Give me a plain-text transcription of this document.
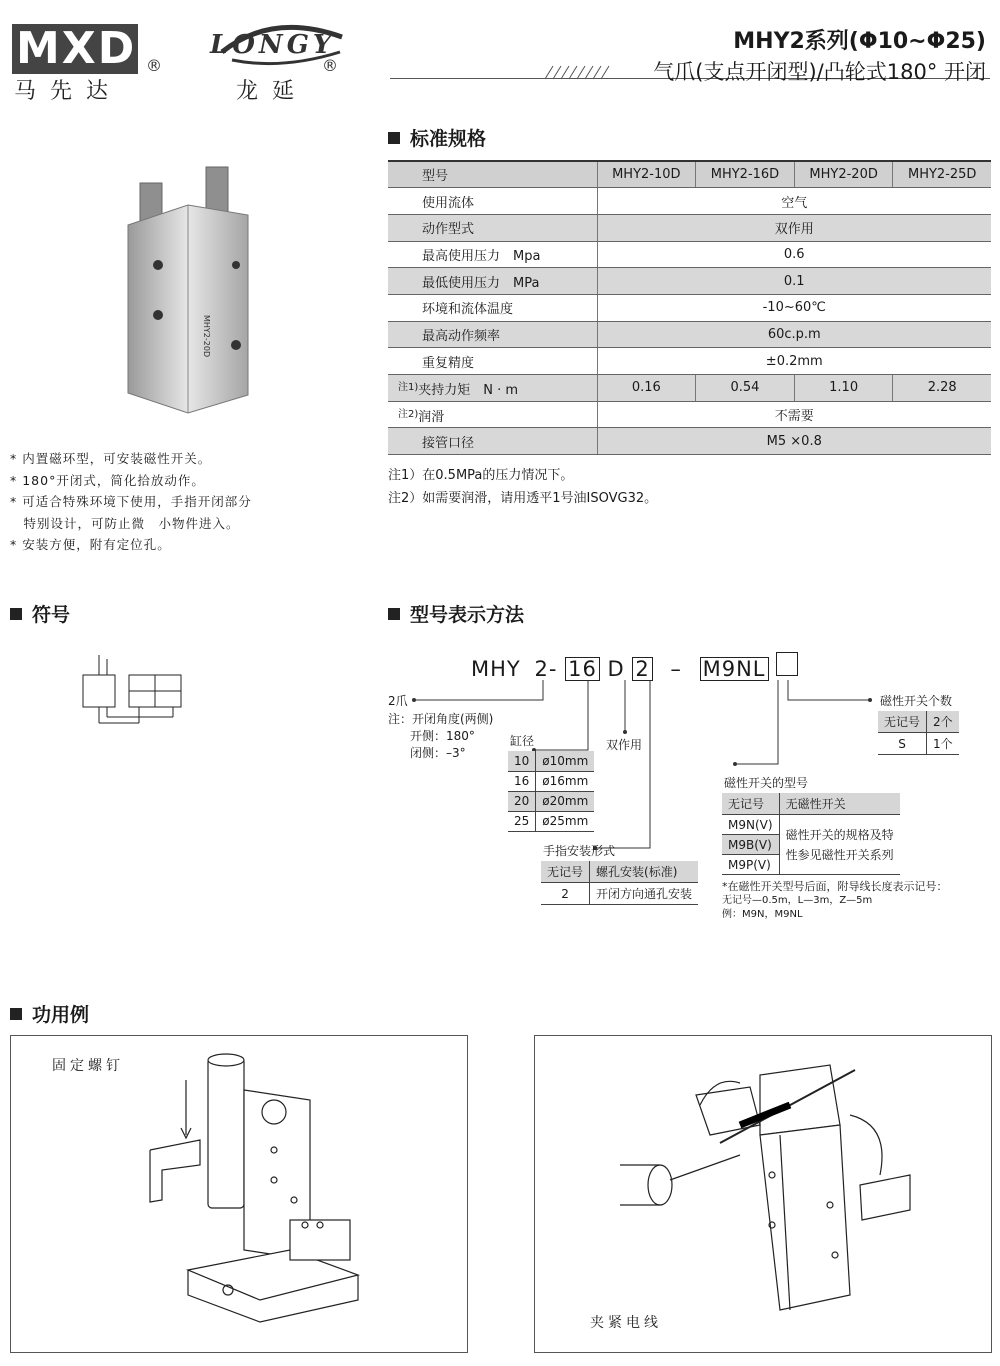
MXD
马先达
®
LONGY
®
龙延
MHY2系列(Φ10~Φ25)
气爪(支点开闭型)/凸轮式180° 开闭
标准规格
型号	MHY2-10D	MHY2-16D	MHY2-20D	MHY2-25D
使用流体	空气			
动作型式	双作用			
最高使用压力　Mpa	0.6			
最低使用压力　MPa	0.1			
环境和流体温度	-10~60℃			
最高动作频率	60c.p.m			
重复精度	±0.2mm			
$^{注1)}$夹持力矩　N · m	0.16	0.54	1.10	2.28
$^{注2)}$润滑	不需要			
接管口径	M5 ×0.8			
注1）在0.5MPa的压力情况下。
注2）如需要润滑，请用透平1号油ISOVG32。
MHY2-20D
* 内置磁环型，可安装磁性开关。
* 180°开闭式，简化拾放动作。
* 可适合特殊环境下使用，手指开闭部分
　特别设计，可防止微　小物件进入。
* 安装方便，附有定位孔。
符号	型号表示方法
MHY 2- 16 D 2 – M9NL
2爪
注：开闭角度(两侧)
开侧：180°
闭侧：–3°
缸径
10	ø10mm
16	ø16mm
20	ø20mm
25	ø25mm
双作用
手指安装形式
无记号	螺孔安装(标准)
2	开闭方向通孔安装
磁性开关个数
无记号	2个
S	1个
磁性开关的型号
无记号	无磁性开关
M9N(V)	磁性开关的规格及特
性参见磁性开关系列

M9B(V)	
M9P(V)	
*在磁性开关型号后面，附导线长度表示记号：
无记号—0.5m，L—3m，Z—5m
例：M9N，M9NL
功用例
固定螺钉
夹紧电线
